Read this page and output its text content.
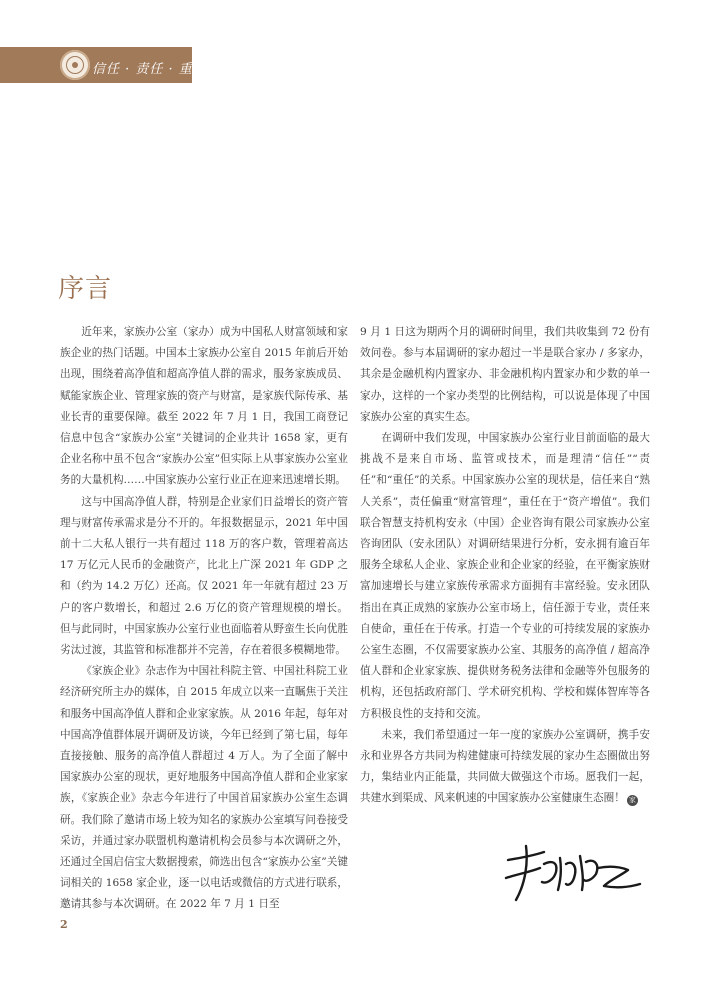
信任 · 责任 · 重任
序言

近年来，家族办公室（家办）成为中国私人财富领域和家族企业的热门话题。中国本土家族办公室自 2015 年前后开始出现，围绕着高净值和超高净值人群的需求，服务家族成员、赋能家族企业、管理家族的资产与财富，是家族代际传承、基业长青的重要保障。截至 2022 年 7 月 1 日，我国工商登记信息中包含“家族办公室”关键词的企业共计 1658 家，更有企业名称中虽不包含“家族办公室”但实际上从事家族办公室业务的大量机构……中国家族办公室行业正在迎来迅速增长期。

这与中国高净值人群，特别是企业家们日益增长的资产管理与财富传承需求是分不开的。年报数据显示，2021 年中国前十二大私人银行一共有超过 118 万的客户数，管理着高达 17 万亿元人民币的金融资产，比北上广深 2021 年 GDP 之和（约为 14.2 万亿）还高。仅 2021 年一年就有超过 23 万户的客户数增长，和超过 2.6 万亿的资产管理规模的增长。但与此同时，中国家族办公室行业也面临着从野蛮生长向优胜劣汰过渡，其监管和标准都并不完善，存在着很多模糊地带。

《家族企业》杂志作为中国社科院主管、中国社科院工业经济研究所主办的媒体，自 2015 年成立以来一直瞩焦于关注和服务中国高净值人群和企业家家族。从 2016 年起，每年对中国高净值群体展开调研及访谈，今年已经到了第七届，每年直接接触、服务的高净值人群超过 4 万人。为了全面了解中国家族办公室的现状，更好地服务中国高净值人群和企业家家族，《家族企业》杂志今年进行了中国首届家族办公室生态调研。我们除了邀请市场上较为知名的家族办公室填写问卷接受采访，并通过家办联盟机构邀请机构会员参与本次调研之外，还通过全国启信宝大数据搜索，筛选出包含“家族办公室”关键词相关的 1658 家企业，逐一以电话或微信的方式进行联系，邀请其参与本次调研。在 2022 年 7 月 1 日至

9 月 1 日这为期两个月的调研时间里，我们共收集到 72 份有效问卷。参与本届调研的家办超过一半是联合家办 / 多家办，其余是金融机构内置家办、非金融机构内置家办和少数的单一家办，这样的一个家办类型的比例结构，可以说是体现了中国家族办公室的真实生态。

在调研中我们发现，中国家族办公室行业目前面临的最大挑战不是来自市场、监管或技术，而是理清“信任”“责任”和“重任”的关系。中国家族办公室的现状是，信任来自“熟人关系”，责任偏重“财富管理”，重任在于“资产增值”。我们联合智慧支持机构安永（中国）企业咨询有限公司家族办公室咨询团队（安永团队）对调研结果进行分析，安永拥有逾百年服务全球私人企业、家族企业和企业家的经验，在平衡家族财富加速增长与建立家族传承需求方面拥有丰富经验。安永团队指出在真正成熟的家族办公室市场上，信任源于专业，责任来自使命，重任在于传承。打造一个专业的可持续发展的家族办公室生态圈，不仅需要家族办公室、其服务的高净值 / 超高净值人群和企业家家族、提供财务税务法律和金融等外包服务的机构，还包括政府部门、学术研究机构、学校和媒体智库等各方积极良性的支持和交流。

未来，我们希望通过一年一度的家族办公室调研，携手安永和业界各方共同为构建健康可持续发展的家办生态圈做出努力，集结业内正能量，共同做大做强这个市场。愿我们一起，共建水到渠成、风来帆速的中国家族办公室健康生态圈！ 家

2
